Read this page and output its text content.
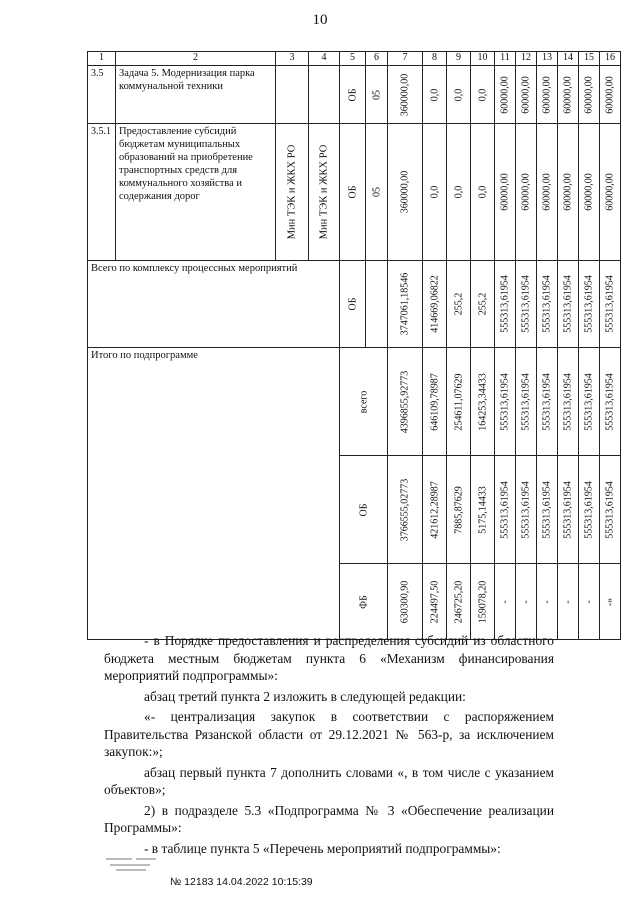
10
1	2	3	4	5	6	7	8	9	10	11	12	13	14	15	16
3.5	Задача 5. Модернизация парка коммунальной техники			ОБ	05	360000,00	0,0	0,0	0,0	60000,00	60000,00	60000,00	60000,00	60000,00	60000,00

3.5.1	Предоставление субсидий бюджетам муниципальных образований на приобретение транспортных средств для коммунального хозяйства и содержания дорог	Мин ТЭК и ЖКХ РО	Мин ТЭК и ЖКХ РО	ОБ	05	360000,00	0,0	0,0	0,0	60000,00	60000,00	60000,00	60000,00	60000,00	60000,00

Всего по комплексу процессных мероприятий				ОБ		3747061,18546	414669,06822	255,2	255,2	555313,61954	555313,61954	555313,61954	555313,61954	555313,61954	555313,61954

Итого по подпрограмме				всего		4396855,92773	646109,78987	254611,07629	164253,34433	555313,61954	555313,61954	555313,61954	555313,61954	555313,61954	555313,61954

				ОБ		3766555,02773	421612,28987	7885,87629	5175,14433	555313,61954	555313,61954	555313,61954	555313,61954	555313,61954	555313,61954

				ФБ		630300,90	224497,50	246725,20	159078,20	-	-	-	-	-	-»
- в Порядке предоставления и распределения субсидий из областного бюджета местным бюджетам пункта 6 «Механизм финансирования мероприятий подпрограммы»:
абзац третий пункта 2 изложить в следующей редакции:
«- централизация закупок в соответствии с распоряжением Правительства Рязанской области от 29.12.2021 № 563-р, за исключением закупок:»;
абзац первый пункта 7 дополнить словами «, в том числе с указанием объектов»;
2) в подразделе 5.3 «Подпрограмма № 3 «Обеспечение реализации Программы»:
- в таблице пункта 5 «Перечень мероприятий подпрограммы»:
№ 12183 14.04.2022 10:15:39
